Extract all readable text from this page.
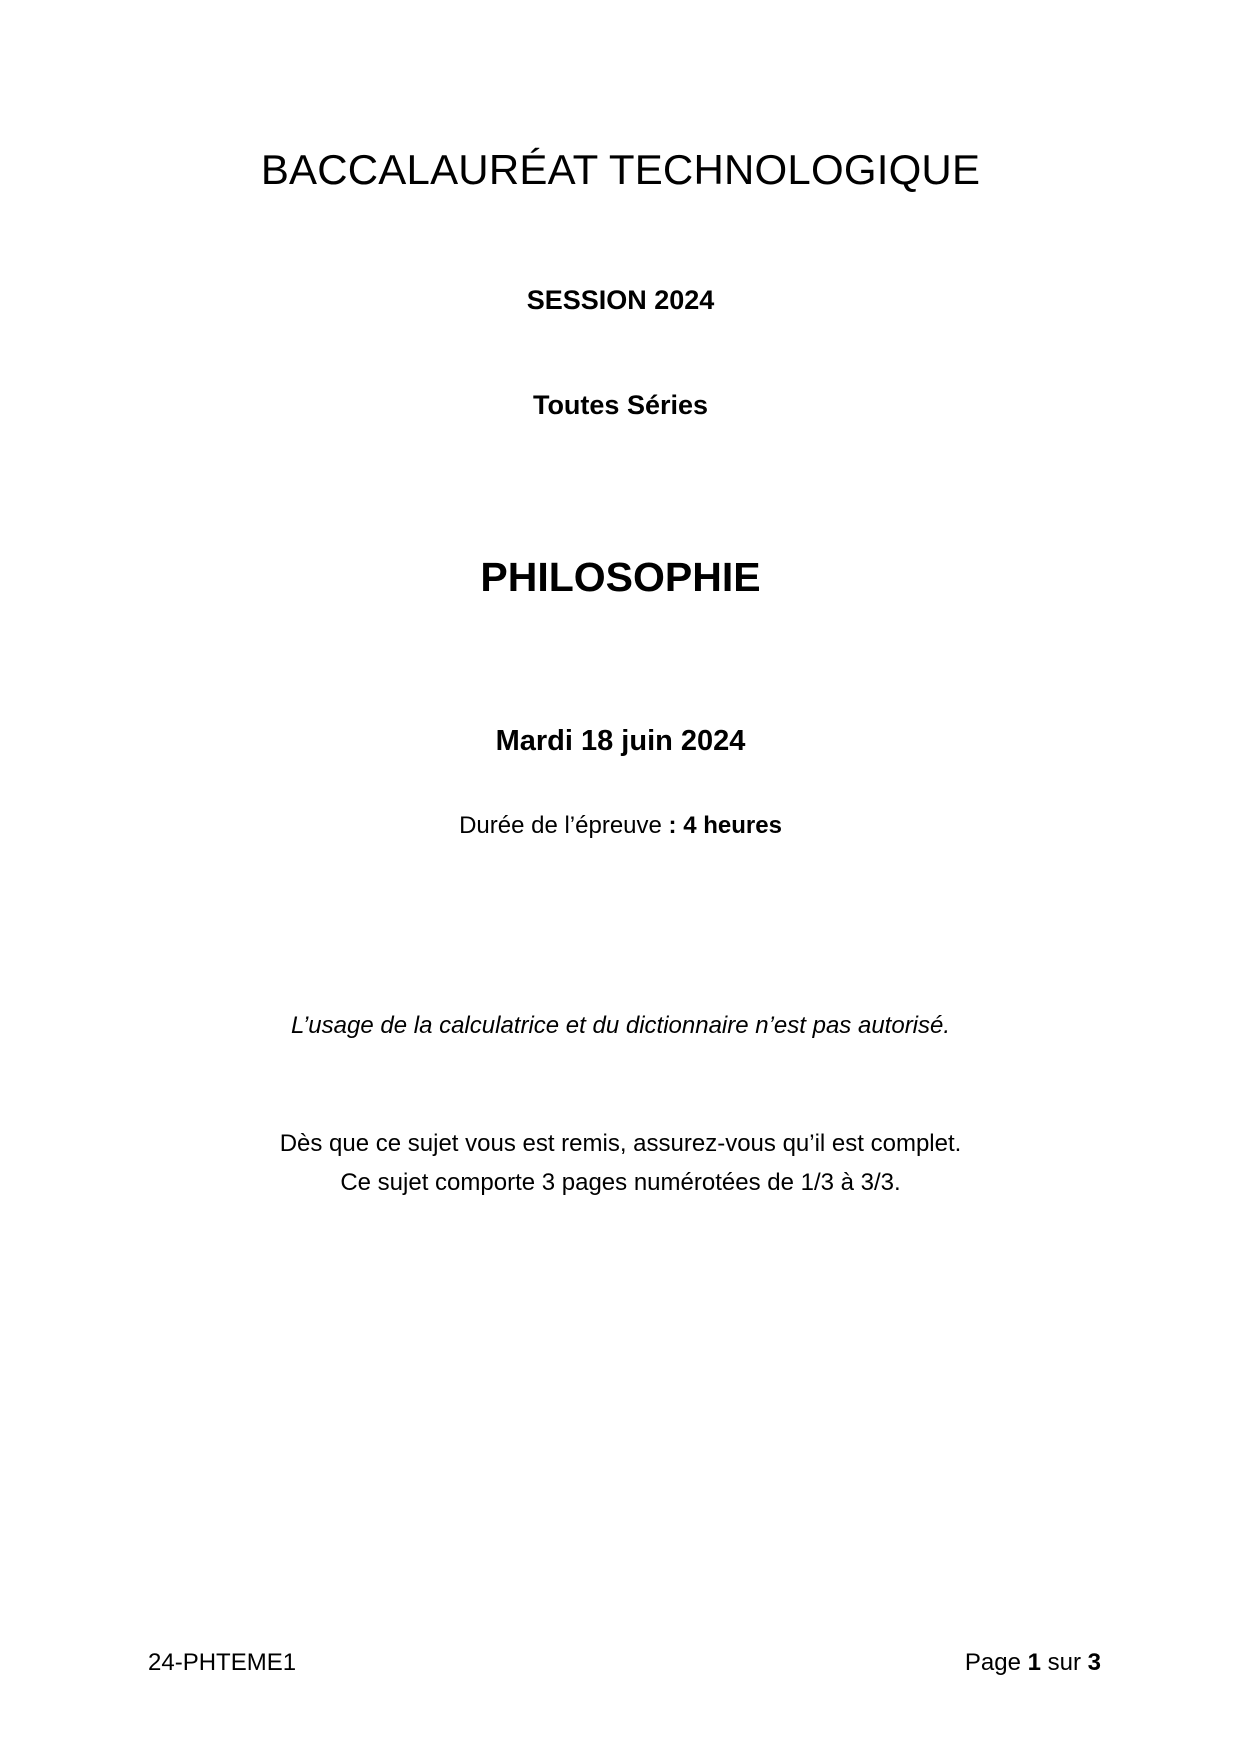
BACCALAURÉAT TECHNOLOGIQUE
SESSION 2024
Toutes Séries
PHILOSOPHIE
Mardi 18 juin 2024
Durée de l’épreuve : 4 heures
L’usage de la calculatrice et du dictionnaire n’est pas autorisé.
Dès que ce sujet vous est remis, assurez-vous qu’il est complet.
Ce sujet comporte 3 pages numérotées de 1/3 à 3/3.
24-PHTEME1	Page 1 sur 3
